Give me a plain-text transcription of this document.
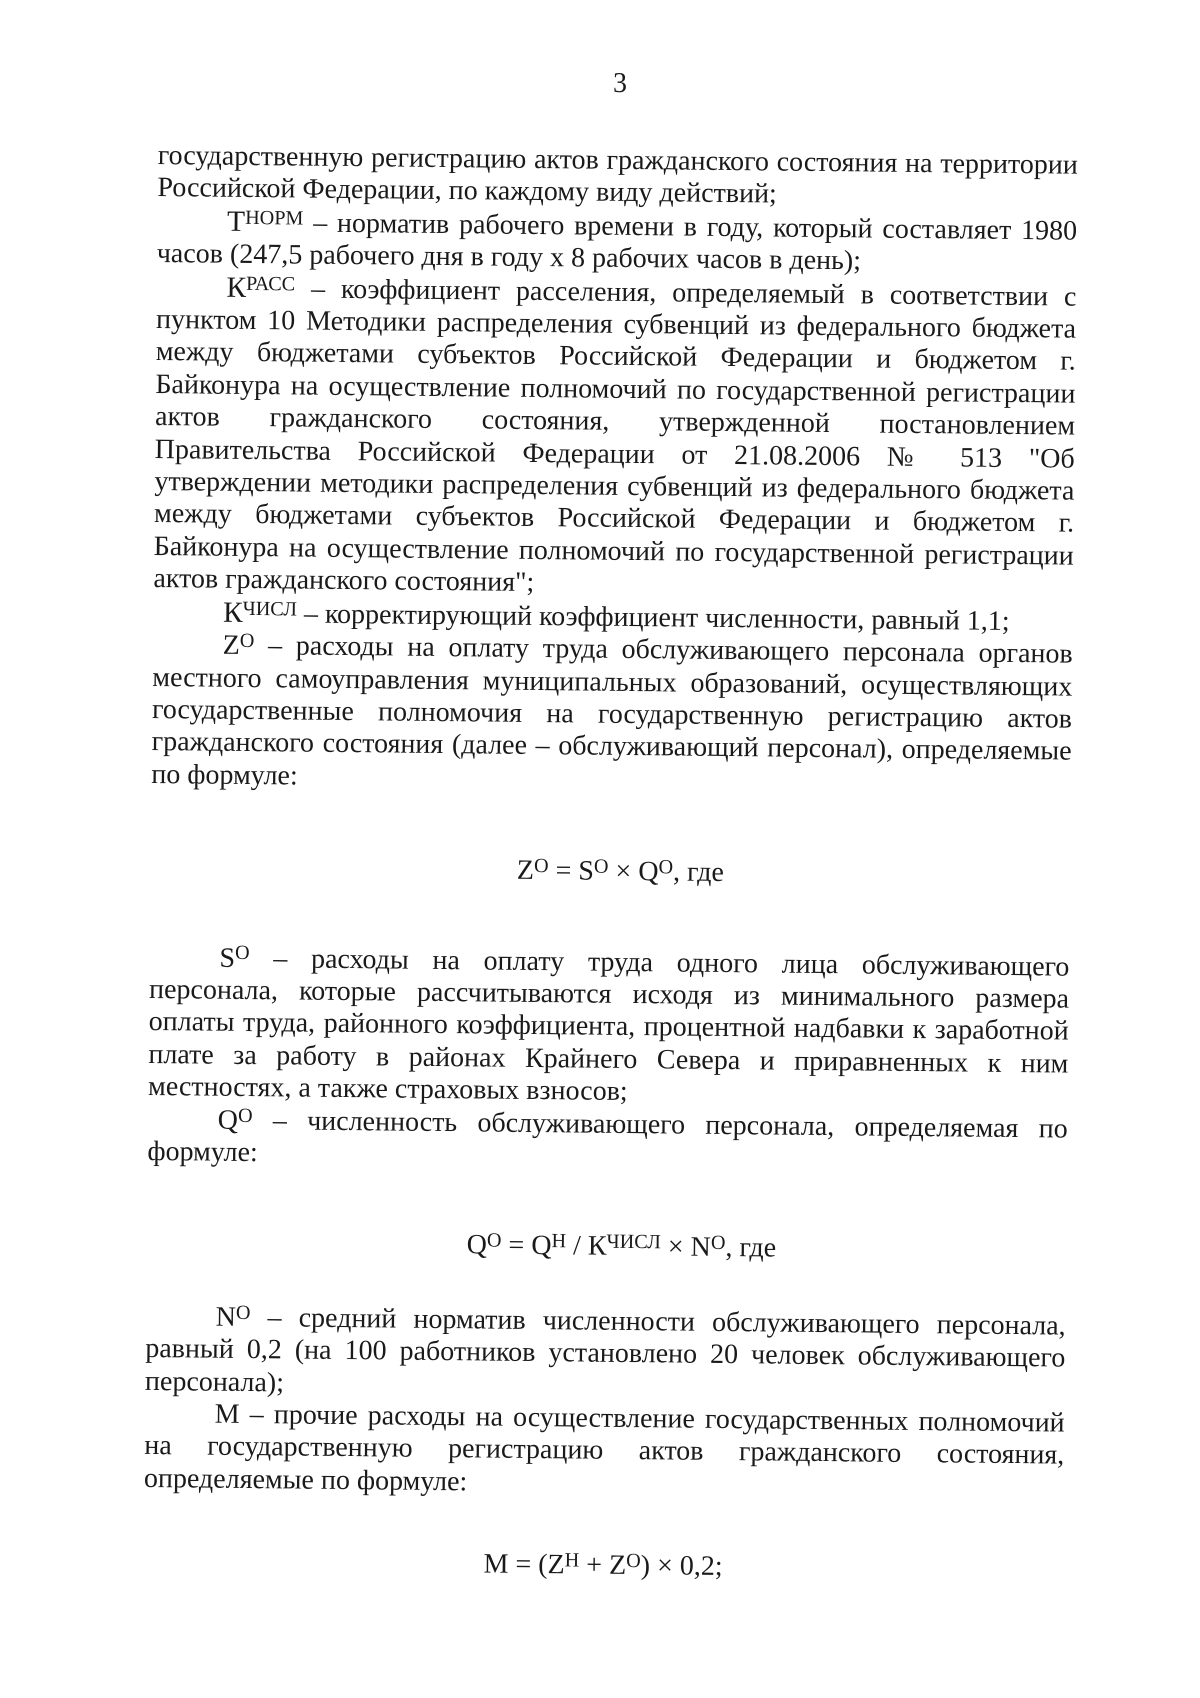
3

государственную регистрацию актов гражданского состояния на территории Российской Федерации, по каждому виду действий;

$T^{НОРМ}$ – норматив рабочего времени в году, который составляет 1980 часов (247,5 рабочего дня в году х 8 рабочих часов в день);

$К^{РАСС}$ – коэффициент расселения, определяемый в соответствии с пунктом 10 Методики распределения субвенций из федерального бюджета между бюджетами субъектов Российской Федерации и бюджетом г. Байконура на осуществление полномочий по государственной регистрации актов гражданского состояния, утвержденной постановлением Правительства Российской Федерации от 21.08.2006 № 513 "Об утверждении методики распределения субвенций из федерального бюджета между бюджетами субъектов Российской Федерации и бюджетом г. Байконура на осуществление полномочий по государственной регистрации актов гражданского состояния";

$К^{ЧИСЛ}$ – корректирующий коэффициент численности, равный 1,1;

$Z^О$ – расходы на оплату труда обслуживающего персонала органов местного самоуправления муниципальных образований, осуществляющих государственные полномочия на государственную регистрацию актов гражданского состояния (далее – обслуживающий персонал), определяемые по формуле:

$Z^О = S^О \times Q^О$, где

$S^О$ – расходы на оплату труда одного лица обслуживающего персонала, которые рассчитываются исходя из минимального размера оплаты труда, районного коэффициента, процентной надбавки к заработной плате за работу в районах Крайнего Севера и приравненных к ним местностях, а также страховых взносов;

$Q^О$ – численность обслуживающего персонала, определяемая по формуле:

$Q^О = Q^Н / К^{ЧИСЛ} \times N^О$, где

$N^О$ – средний норматив численности обслуживающего персонала, равный 0,2 (на 100 работников установлено 20 человек обслуживающего персонала);

М – прочие расходы на осуществление государственных полномочий на государственную регистрацию актов гражданского состояния, определяемые по формуле:

$М = (Z^Н + Z^О) \times 0,2$;
